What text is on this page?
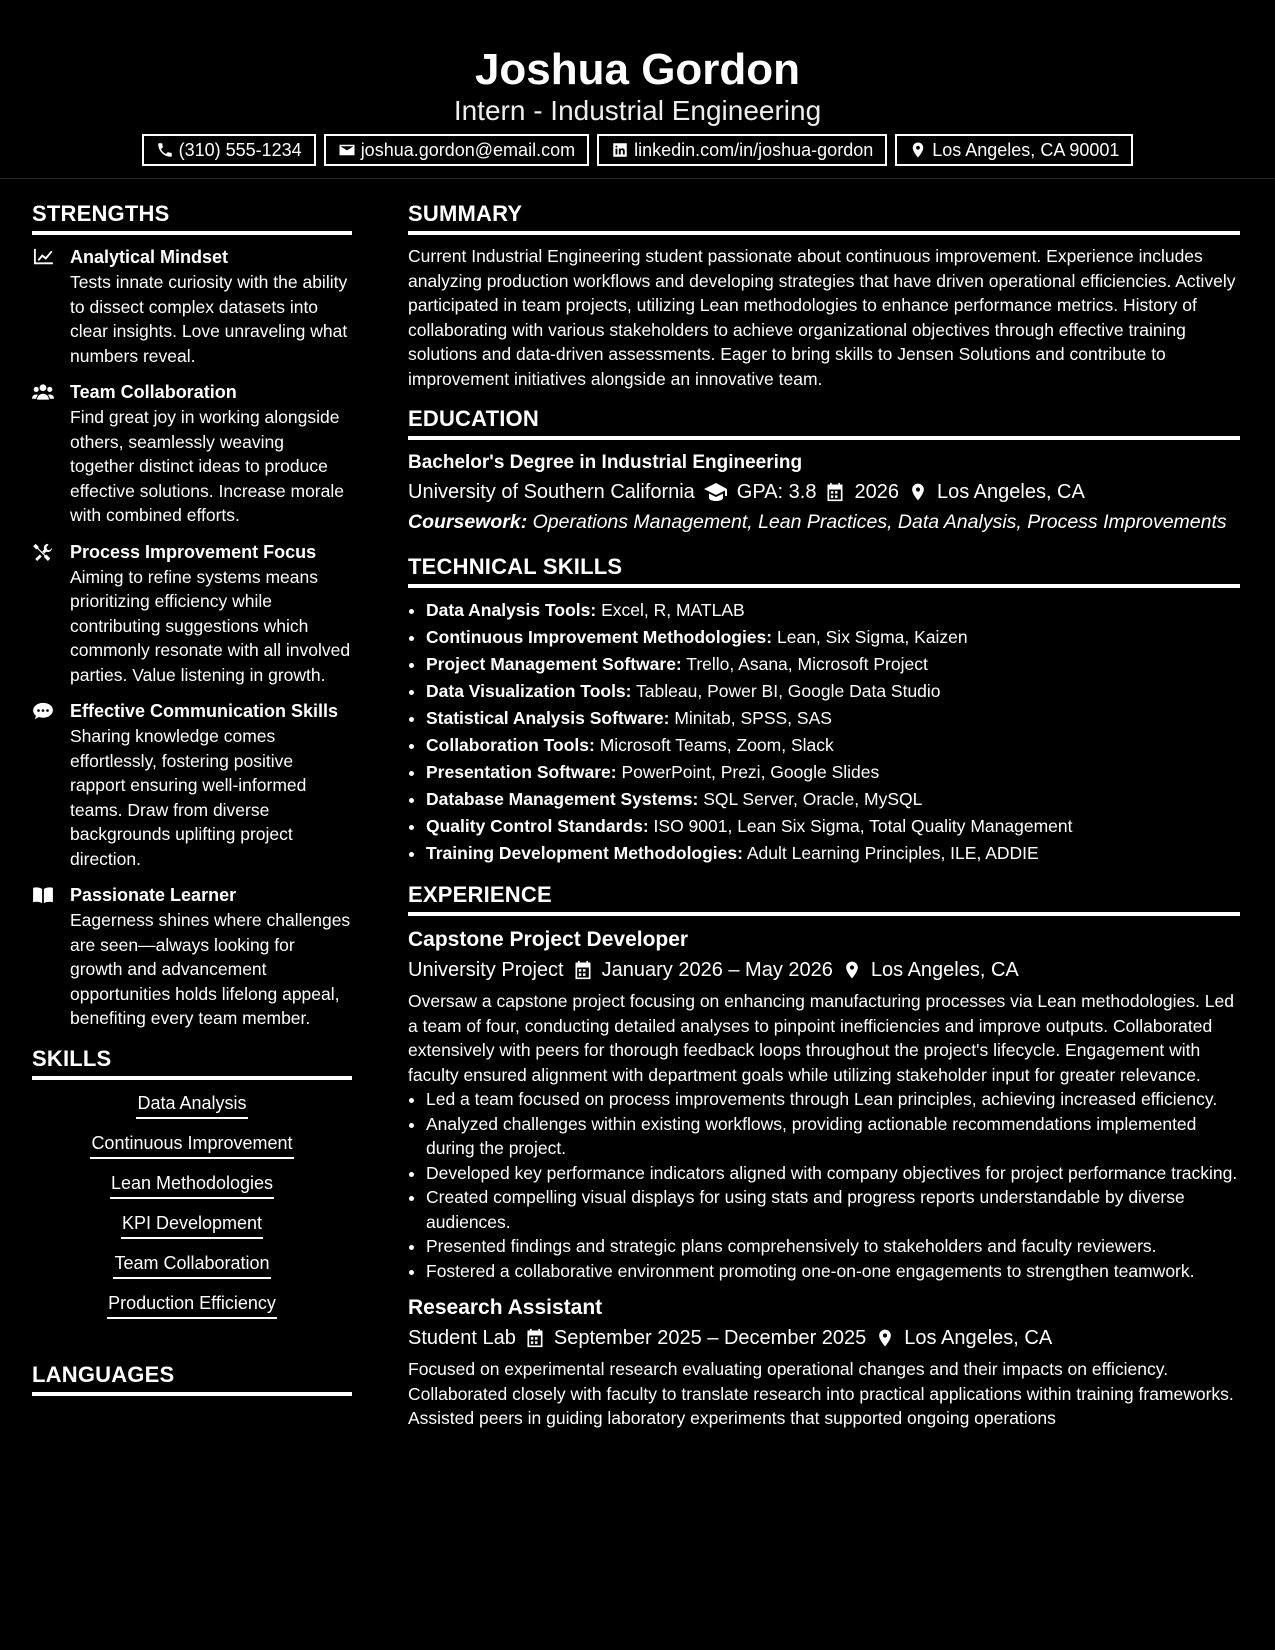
Joshua Gordon
Intern - Industrial Engineering
(310) 555-1234	joshua.gordon@email.com	linkedin.com/in/joshua-gordon	Los Angeles, CA 90001
STRENGTHS
Analytical Mindset
Tests innate curiosity with the ability to dissect complex datasets into clear insights. Love unraveling what numbers reveal.
Team Collaboration
Find great joy in working alongside others, seamlessly weaving together distinct ideas to produce effective solutions. Increase morale with combined efforts.
Process Improvement Focus
Aiming to refine systems means prioritizing efficiency while contributing suggestions which commonly resonate with all involved parties. Value listening in growth.
Effective Communication Skills
Sharing knowledge comes effortlessly, fostering positive rapport ensuring well-informed teams. Draw from diverse backgrounds uplifting project direction.
Passionate Learner
Eagerness shines where challenges are seen—always looking for growth and advancement opportunities holds lifelong appeal, benefiting every team member.
SKILLS
Data Analysis
Continuous Improvement
Lean Methodologies
KPI Development
Team Collaboration
Production Efficiency
LANGUAGES
SUMMARY
Current Industrial Engineering student passionate about continuous improvement. Experience includes analyzing production workflows and developing strategies that have driven operational efficiencies. Actively participated in team projects, utilizing Lean methodologies to enhance performance metrics. History of collaborating with various stakeholders to achieve organizational objectives through effective training solutions and data-driven assessments. Eager to bring skills to Jensen Solutions and contribute to improvement initiatives alongside an innovative team.
EDUCATION
Bachelor's Degree in Industrial Engineering
University of Southern California GPA: 3.8 2026 Los Angeles, CA
Coursework: Operations Management, Lean Practices, Data Analysis, Process Improvements
TECHNICAL SKILLS
• Data Analysis Tools: Excel, R, MATLAB
• Continuous Improvement Methodologies: Lean, Six Sigma, Kaizen
• Project Management Software: Trello, Asana, Microsoft Project
• Data Visualization Tools: Tableau, Power BI, Google Data Studio
• Statistical Analysis Software: Minitab, SPSS, SAS
• Collaboration Tools: Microsoft Teams, Zoom, Slack
• Presentation Software: PowerPoint, Prezi, Google Slides
• Database Management Systems: SQL Server, Oracle, MySQL
• Quality Control Standards: ISO 9001, Lean Six Sigma, Total Quality Management
• Training Development Methodologies: Adult Learning Principles, ILE, ADDIE
EXPERIENCE
Capstone Project Developer
University Project January 2026 – May 2026 Los Angeles, CA
Oversaw a capstone project focusing on enhancing manufacturing processes via Lean methodologies. Led a team of four, conducting detailed analyses to pinpoint inefficiencies and improve outputs. Collaborated extensively with peers for thorough feedback loops throughout the project's lifecycle. Engagement with faculty ensured alignment with department goals while utilizing stakeholder input for greater relevance.
• Led a team focused on process improvements through Lean principles, achieving increased efficiency.
• Analyzed challenges within existing workflows, providing actionable recommendations implemented during the project.
• Developed key performance indicators aligned with company objectives for project performance tracking.
• Created compelling visual displays for using stats and progress reports understandable by diverse audiences.
• Presented findings and strategic plans comprehensively to stakeholders and faculty reviewers.
• Fostered a collaborative environment promoting one-on-one engagements to strengthen teamwork.
Research Assistant
Student Lab September 2025 – December 2025 Los Angeles, CA
Focused on experimental research evaluating operational changes and their impacts on efficiency. Collaborated closely with faculty to translate research into practical applications within training frameworks. Assisted peers in guiding laboratory experiments that supported ongoing operations
